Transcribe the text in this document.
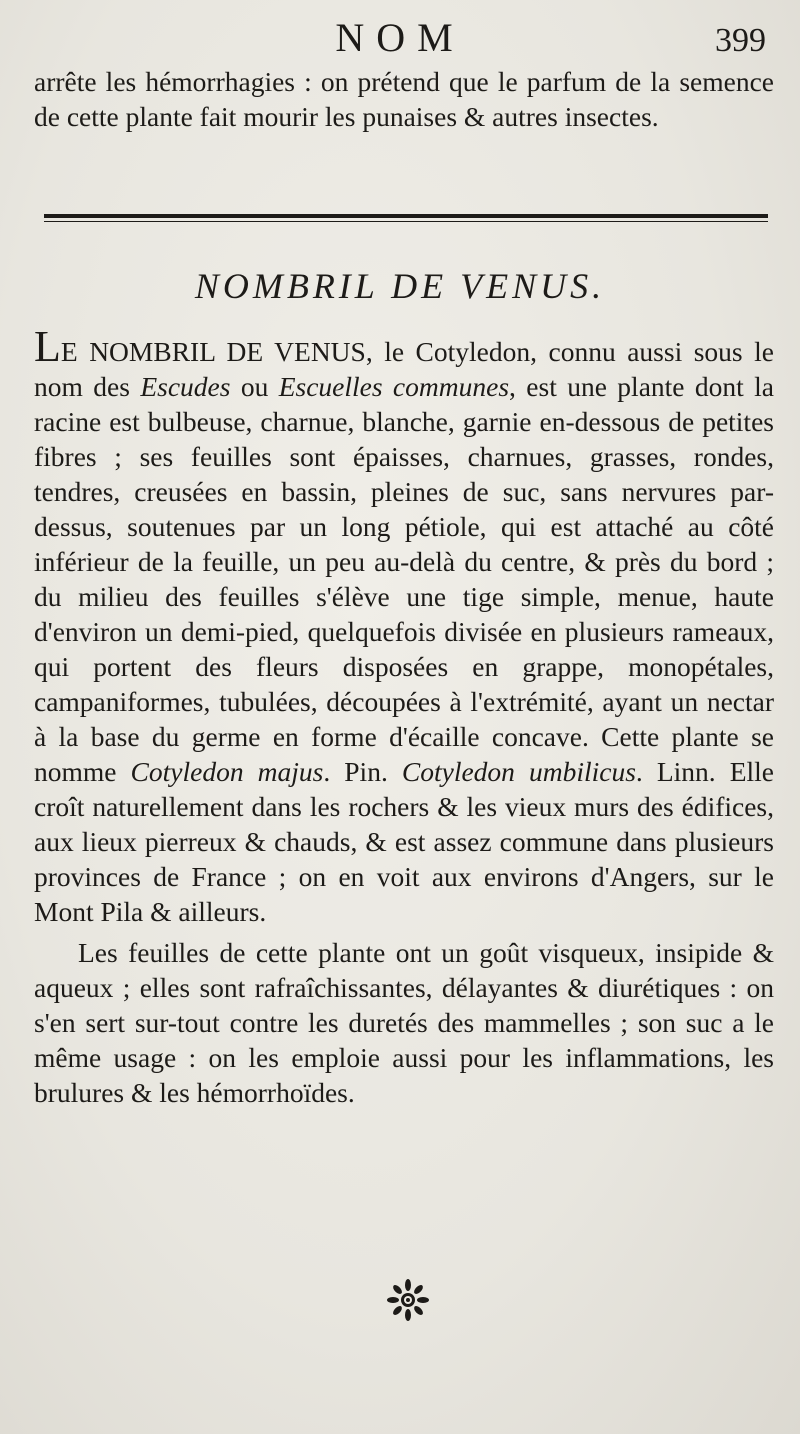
NOM	399

arrête les hémorrhagies : on prétend que le parfum de la semence de cette plante fait mourir les punaises & autres insectes.

NOMBRIL DE VENUS.

LE NOMBRIL DE VENUS, le Cotyledon, connu aussi sous le nom des Escudes ou Escuelles communes, est une plante dont la racine est bulbeuse, charnue, blanche, garnie en-dessous de petites fibres ; ses feuilles sont épaisses, charnues, grasses, rondes, tendres, creusées en bassin, pleines de suc, sans nervures par-dessus, soutenues par un long pétiole, qui est attaché au côté inférieur de la feuille, un peu au-delà du centre, & près du bord ; du milieu des feuilles s'élève une tige simple, menue, haute d'environ un demi-pied, quelquefois divisée en plusieurs rameaux, qui portent des fleurs disposées en grappe, monopétales, campaniformes, tubulées, découpées à l'extrémité, ayant un nectar à la base du germe en forme d'écaille concave. Cette plante se nomme Cotyledon majus. Pin. Cotyledon umbilicus. Linn. Elle croît naturellement dans les rochers & les vieux murs des édifices, aux lieux pierreux & chauds, & est assez commune dans plusieurs provinces de France ; on en voit aux environs d'Angers, sur le Mont Pila & ailleurs.

Les feuilles de cette plante ont un goût visqueux, insipide & aqueux ; elles sont rafraîchissantes, délayantes & diurétiques : on s'en sert sur-tout contre les duretés des mammelles ; son suc a le même usage : on les emploie aussi pour les inflammations, les brulures & les hémorrhoïdes.
